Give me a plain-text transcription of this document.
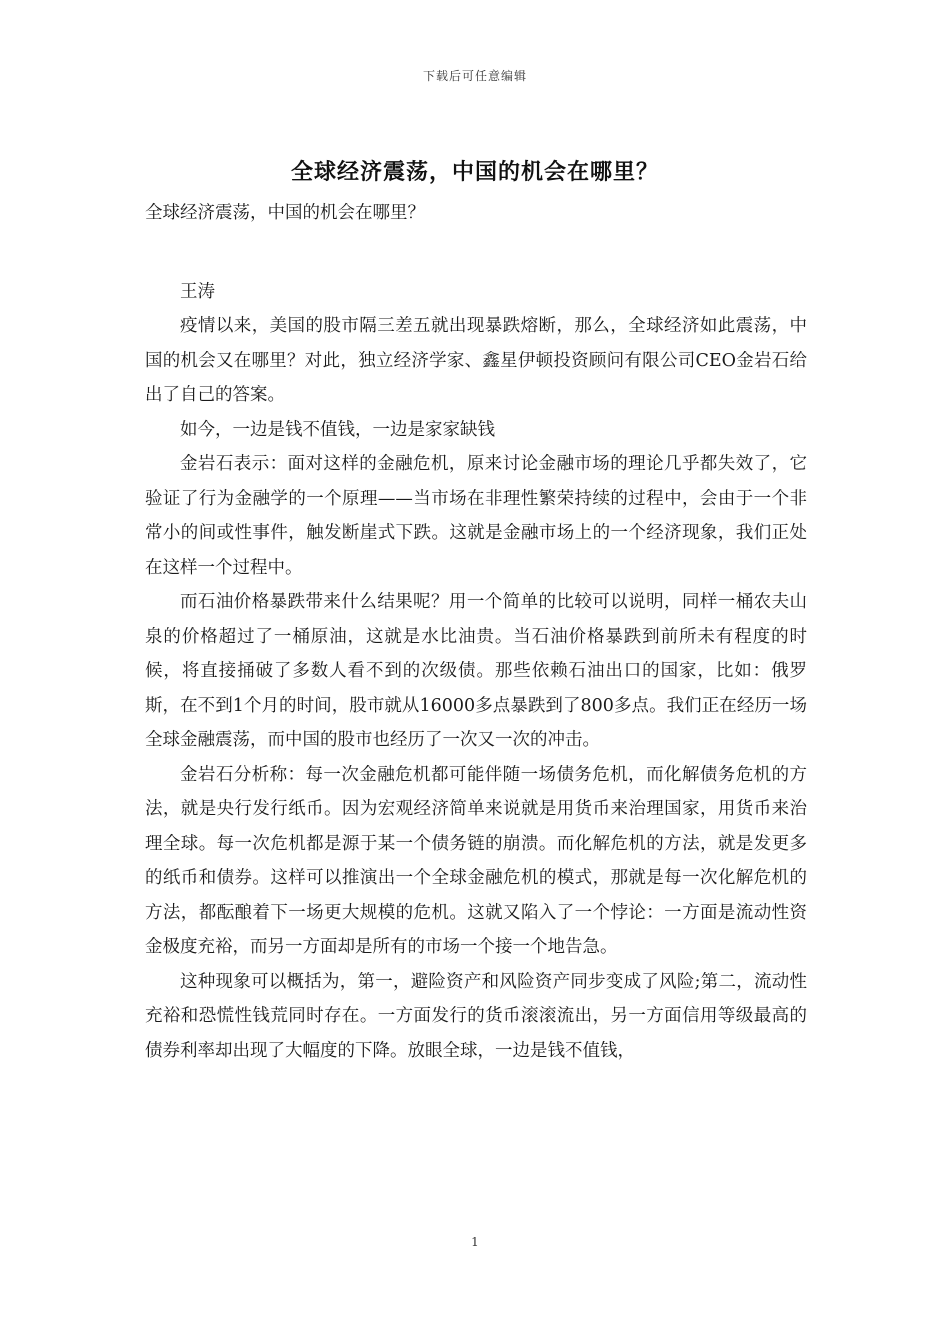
下载后可任意编辑
全球经济震荡，中国的机会在哪里？

全球经济震荡，中国的机会在哪里？

王涛

疫情以来，美国的股市隔三差五就出现暴跌熔断，那么，全球经济如此震荡，中国的机会又在哪里？对此，独立经济学家、鑫星伊顿投资顾问有限公司CEO金岩石给出了自己的答案。

如今，一边是钱不值钱，一边是家家缺钱

金岩石表示：面对这样的金融危机，原来讨论金融市场的理论几乎都失效了，它验证了行为金融学的一个原理——当市场在非理性繁荣持续的过程中，会由于一个非常小的间或性事件，触发断崖式下跌。这就是金融市场上的一个经济现象，我们正处在这样一个过程中。

而石油价格暴跌带来什么结果呢？用一个简单的比较可以说明，同样一桶农夫山泉的价格超过了一桶原油，这就是水比油贵。当石油价格暴跌到前所未有程度的时候，将直接捅破了多数人看不到的次级债。那些依赖石油出口的国家，比如：俄罗斯，在不到1个月的时间，股市就从16000多点暴跌到了800多点。我们正在经历一场全球金融震荡，而中国的股市也经历了一次又一次的冲击。

金岩石分析称：每一次金融危机都可能伴随一场债务危机，而化解债务危机的方法，就是央行发行纸币。因为宏观经济简单来说就是用货币来治理国家，用货币来治理全球。每一次危机都是源于某一个债务链的崩溃。而化解危机的方法，就是发更多的纸币和债券。这样可以推演出一个全球金融危机的模式，那就是每一次化解危机的方法，都酝酿着下一场更大规模的危机。这就又陷入了一个悖论：一方面是流动性资金极度充裕，而另一方面却是所有的市场一个接一个地告急。

这种现象可以概括为，第一，避险资产和风险资产同步变成了风险;第二，流动性充裕和恐慌性钱荒同时存在。一方面发行的货币滚滚流出，另一方面信用等级最高的债券利率却出现了大幅度的下降。放眼全球，一边是钱不值钱，

1
